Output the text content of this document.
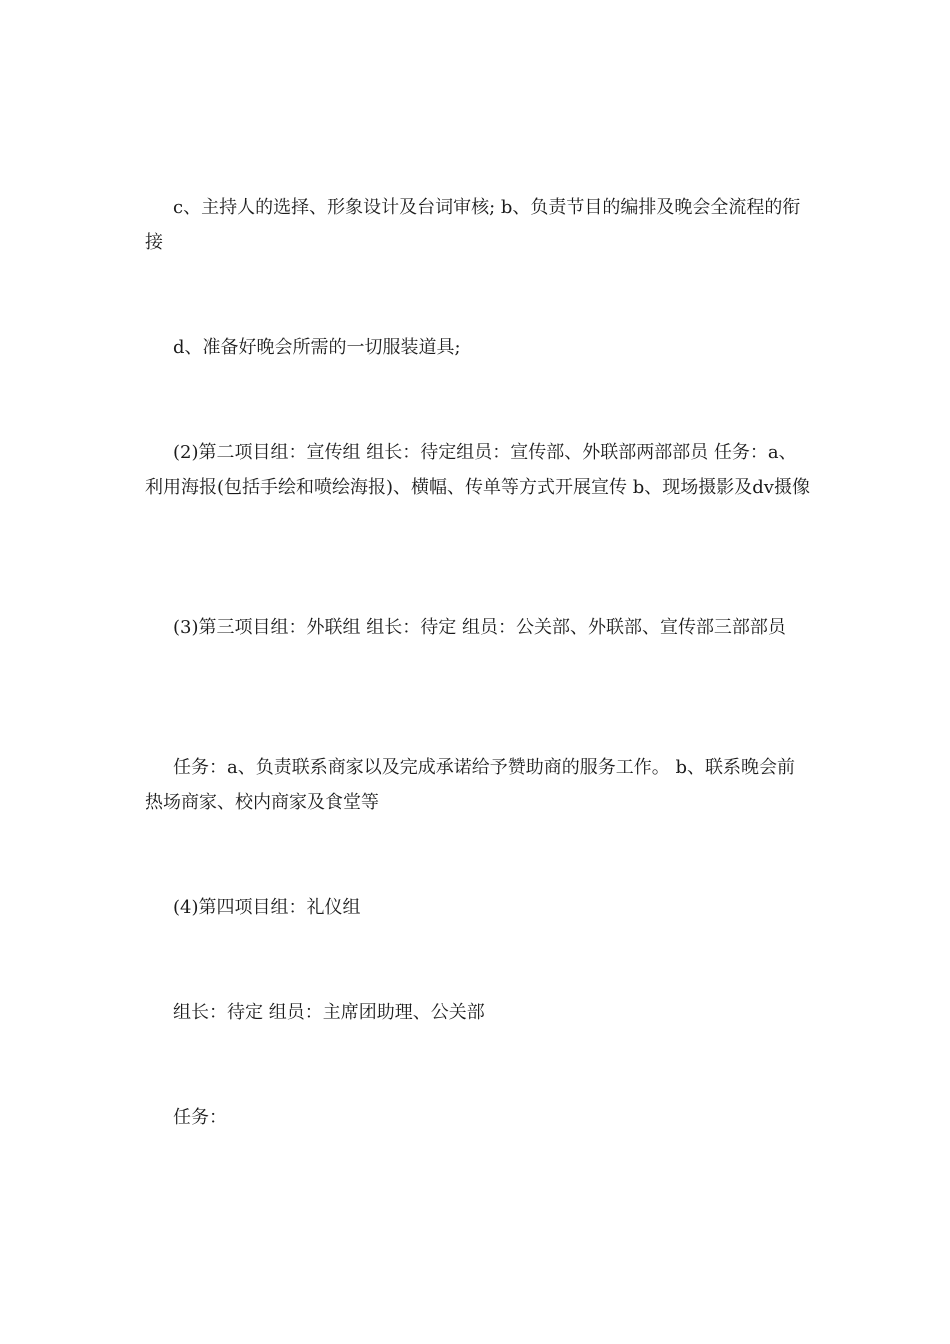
c、主持人的选择、形象设计及台词审核; b、负责节目的编排及晚会全流程的衔接

d、准备好晚会所需的一切服装道具;

(2)第二项目组：宣传组 组长：待定组员：宣传部、外联部两部部员 任务：a、利用海报(包括手绘和喷绘海报)、横幅、传单等方式开展宣传 b、现场摄影及dv摄像

(3)第三项目组：外联组 组长：待定 组员：公关部、外联部、宣传部三部部员

任务：a、负责联系商家以及完成承诺给予赞助商的服务工作。 b、联系晚会前热场商家、校内商家及食堂等

(4)第四项目组：礼仪组

组长：待定 组员：主席团助理、公关部

任务：
